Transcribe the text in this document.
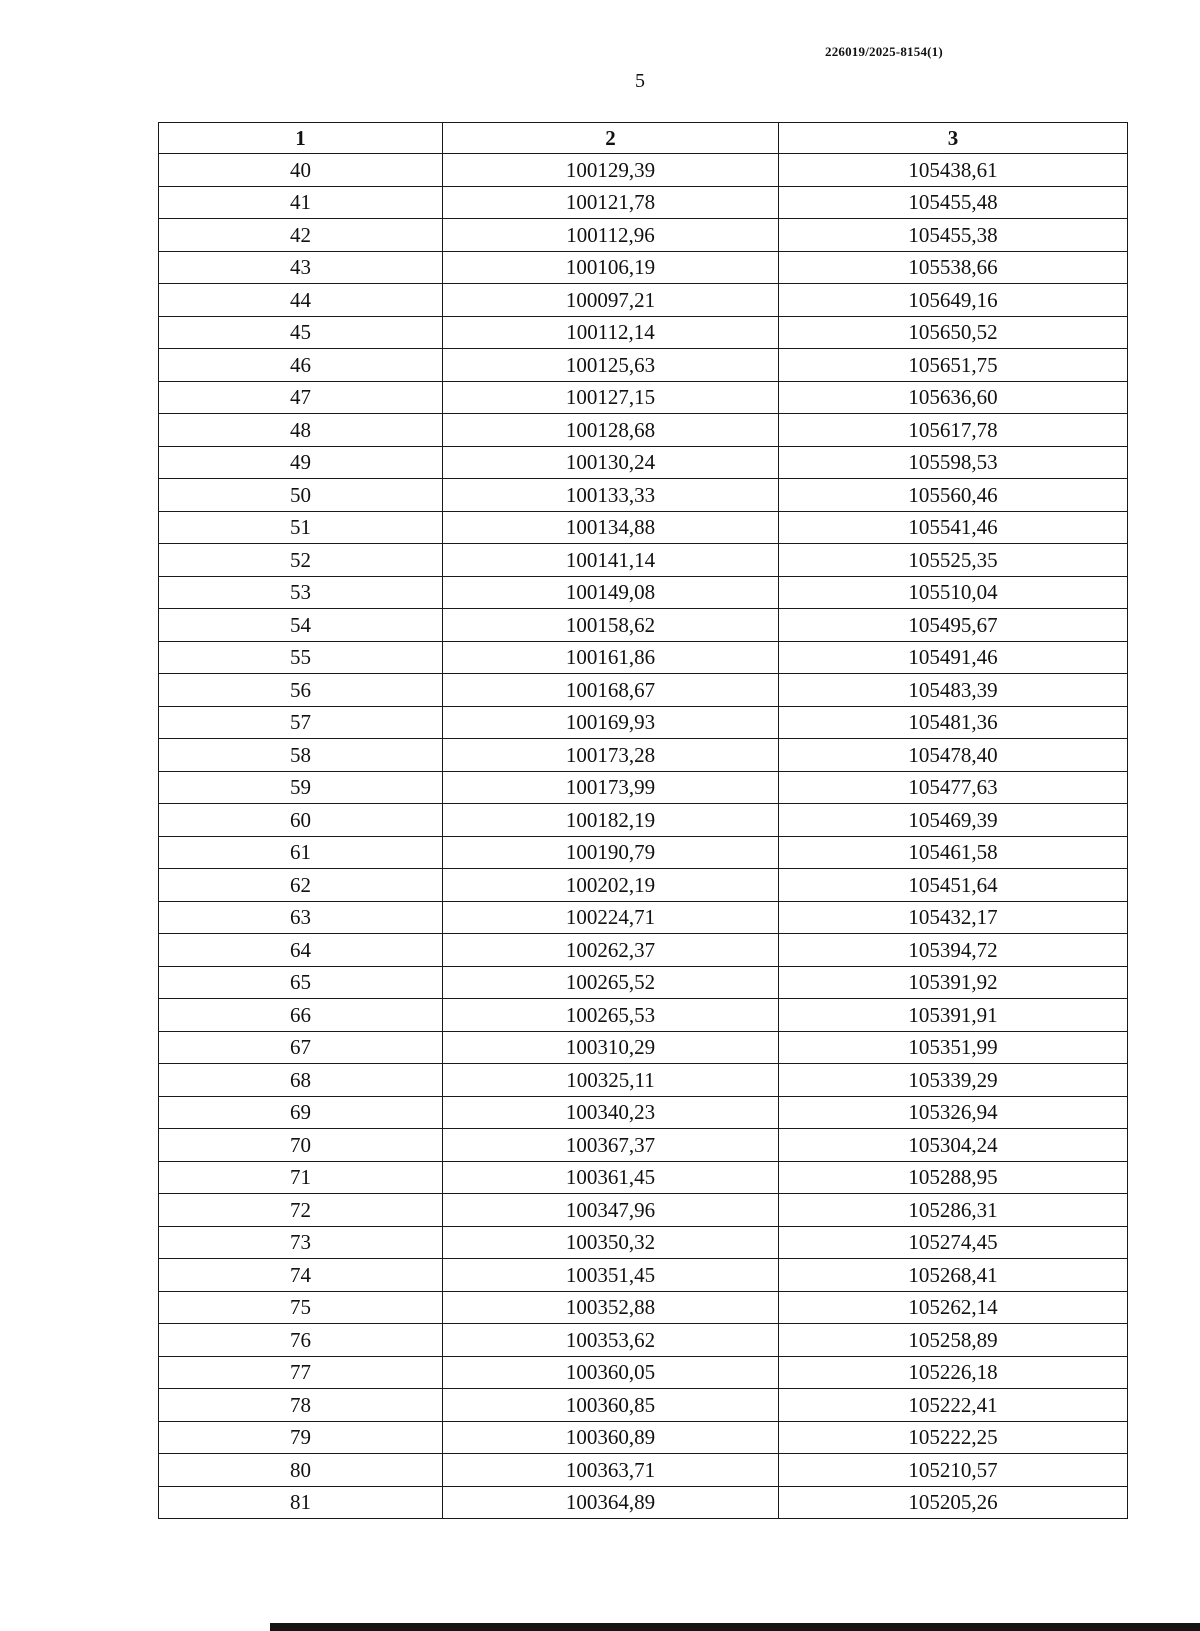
226019/2025-8154(1)
5
1	2	3
40	100129,39	105438,61
41	100121,78	105455,48
42	100112,96	105455,38
43	100106,19	105538,66
44	100097,21	105649,16
45	100112,14	105650,52
46	100125,63	105651,75
47	100127,15	105636,60
48	100128,68	105617,78
49	100130,24	105598,53
50	100133,33	105560,46
51	100134,88	105541,46
52	100141,14	105525,35
53	100149,08	105510,04
54	100158,62	105495,67
55	100161,86	105491,46
56	100168,67	105483,39
57	100169,93	105481,36
58	100173,28	105478,40
59	100173,99	105477,63
60	100182,19	105469,39
61	100190,79	105461,58
62	100202,19	105451,64
63	100224,71	105432,17
64	100262,37	105394,72
65	100265,52	105391,92
66	100265,53	105391,91
67	100310,29	105351,99
68	100325,11	105339,29
69	100340,23	105326,94
70	100367,37	105304,24
71	100361,45	105288,95
72	100347,96	105286,31
73	100350,32	105274,45
74	100351,45	105268,41
75	100352,88	105262,14
76	100353,62	105258,89
77	100360,05	105226,18
78	100360,85	105222,41
79	100360,89	105222,25
80	100363,71	105210,57
81	100364,89	105205,26
